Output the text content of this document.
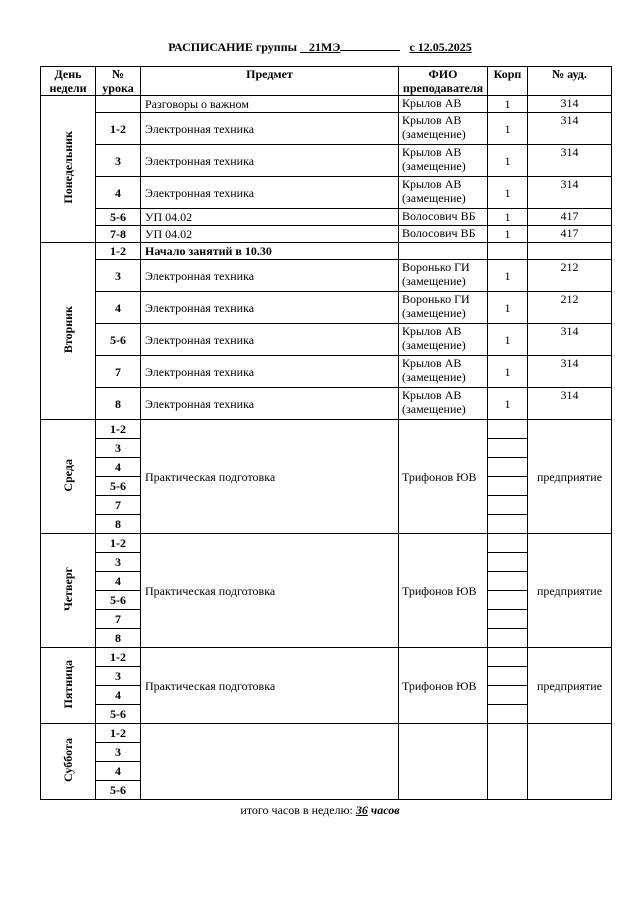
РАСПИСАНИЕ группы 21МЭ	с 12.05.2025
День
недели	№
урока	Предмет	ФИО
преподавателя	Корп	№ ауд.
Понедельник		Разговоры о важном	Крылов АВ	1	314
	1-2	Электронная техника	Крылов АВ
(замещение)	1	314
	3	Электронная техника	Крылов АВ
(замещение)	1	314
	4	Электронная техника	Крылов АВ
(замещение)	1	314
	5-6	УП 04.02	Волосович ВБ	1	417
	7-8	УП 04.02	Волосович ВБ	1	417
Вторник	1-2	Начало занятий в 10.30			
	3	Электронная техника	Воронько ГИ
(замещение)	1	212
	4	Электронная техника	Воронько ГИ
(замещение)	1	212
	5-6	Электронная техника	Крылов АВ
(замещение)	1	314
	7	Электронная техника	Крылов АВ
(замещение)	1	314
	8	Электронная техника	Крылов АВ
(замещение)	1	314
Среда	1-2	Практическая подготовка	Трифонов ЮВ		предприятие
	3				
	4				
	5-6				
	7				
	8				
Четверг	1-2	Практическая подготовка	Трифонов ЮВ		предприятие
	3				
	4				
	5-6				
	7				
	8				
Пятница	1-2	Практическая подготовка	Трифонов ЮВ		предприятие
	3				
	4				
	5-6				
Суббота	1-2				
	3				
	4				
	5-6				
итого часов в неделю: 36 часов
